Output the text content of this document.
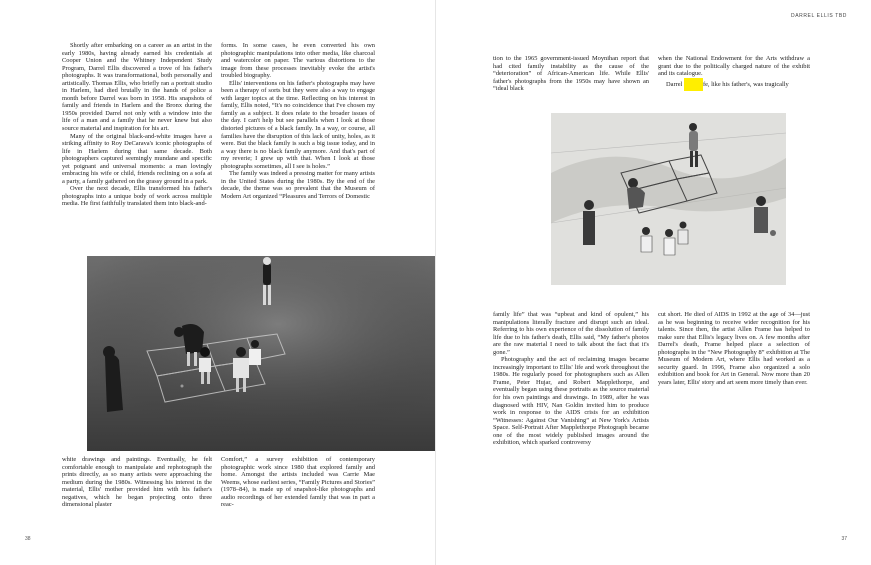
Shortly after embarking on a career as an artist in the early 1980s, having already earned his credentials at Cooper Union and the Whitney Independent Study Program, Darrel Ellis discovered a trove of his father's photographs. It was transformational, both personally and artistically. Thomas Ellis, who briefly ran a portrait studio in Harlem, had died brutally in the hands of police a month before Darrel was born in 1958. His snapshots of family and friends in Harlem and the Bronx during the 1950s provided Darrel not only with a window into the life of a man and a family that he never knew but also source material and inspiration for his art.

Many of the original black-and-white images have a striking affinity to Roy DeCarava's iconic photographs of life in Harlem during that same decade. Both photographers captured seemingly mundane and specific yet poignant and universal moments: a man lovingly embracing his wife or child, friends reclining on a sofa at a party, a family gathered on the grassy ground in a park.

Over the next decade, Ellis transformed his father's photographs into a unique body of work across multiple media. He first faithfully translated them into black-and-

forms. In some cases, he even converted his own photographic manipulations into other media, like charcoal and watercolor on paper. The various distortions to the image from these processes inevitably evoke the artist's troubled biography.

Ellis' interventions on his father's photographs may have been a therapy of sorts but they were also a way to engage with larger topics at the time. Reflecting on his interest in family, Ellis noted, “It's no coincidence that I've chosen my family as a subject. It does relate to the broader issues of the day. I can't help but see parallels when I look at those distorted pictures of a black family. In a way, or course, all families have the disruption of this lack of unity, holes, as it were. But the black family is such a big issue today, and in a way there is no black family anymore. And that's part of my reverie; I grew up with that. When I look at those photographs sometimes, all I see is holes.”

The family was indeed a pressing matter for many artists in the United States during the 1980s. By the end of the decade, the theme was so prevalent that the Museum of Modern Art organized “Pleasures and Terrors of Domestic

white drawings and paintings. Eventually, he felt comfortable enough to manipulate and rephotograph the prints directly, as so many artists were approaching the medium during the 1980s. Witnessing his interest in the material, Ellis' mother provided him with his father's negatives, which he began projecting onto three dimensional plaster

Comfort,” a survey exhibition of contemporary photographic work since 1980 that explored family and home. Amongst the artists included was Carrie Mae Weems, whose earliest series, “Family Pictures and Stories” (1978–84), is made up of snapshot-like photographs and audio recordings of her extended family that was in part a reac-

38
DARREL ELLIS TBD

tion to the 1965 government-issued Moynihan report that had cited family instability as the cause of the “deterioration” of African-American life. While Ellis' father's photographs from the 1950s may have shown an “ideal black

when the National Endowment for the Arts withdraw a grant due to the politically charged nature of the exhibit and its catalogue.

Darrel	fe, like his father's, was tragically

family life” that was “upbeat and kind of opulent,” his manipulations literally fracture and disrupt such an ideal. Referring to his own experience of the dissolution of family life due to his father's death, Ellis said, “My father's photos are the raw material I need to talk about the fact that it's gone.”

Photography and the act of reclaiming images became increasingly important to Ellis' life and work throughout the 1980s. He regularly posed for photographers such as Allen Frame, Peter Hujar, and Robert Mapplethorpe, and eventually began using these portraits as the source material for his own paintings and drawings. In 1989, after he was diagnosed with HIV, Nan Goldin invited him to produce work in response to the AIDS crisis for an exhibition “Witnesses: Against Our Vanishing” at New York's Artists Space. Self-Portrait After Mapplethorpe Photograph became one of the most widely published images around the exhibition, which sparked controversy

cut short. He died of AIDS in 1992 at the age of 34—just as he was beginning to receive wider recognition for his talents. Since then, the artist Allen Frame has helped to make sure that Ellis's legacy lives on. A few months after Darrel's death, Frame helped place a selection of photographs in the “New Photography 8” exhibition at The Museum of Modern Art, where Ellis had worked as a security guard. In 1996, Frame also organized a solo exhibition and book for Art in General. Now more than 20 years later, Ellis' story and art seem more timely than ever.

37
